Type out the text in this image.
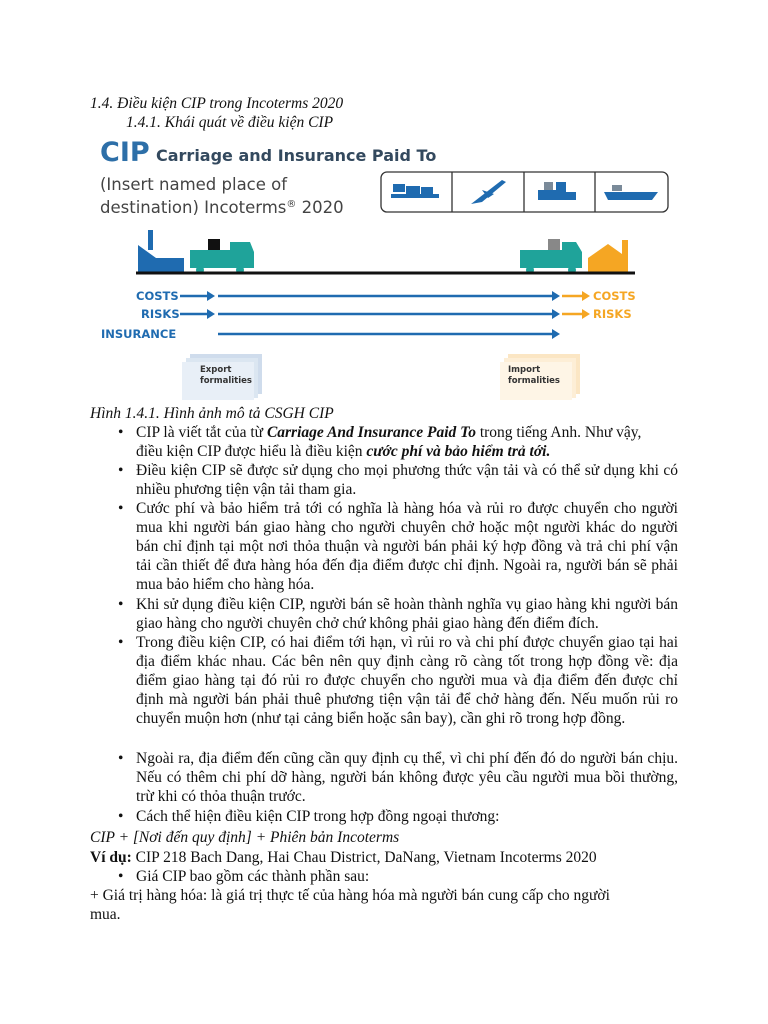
1.4. Điều kiện CIP trong Incoterms 2020
1.4.1. Khái quát về điều kiện CIP
CIP Carriage and Insurance Paid To
(Insert named place of
destination) Incoterms® 2020
COSTS	COSTS
RISKS	RISKS
INSURANCE
Export
formalities
Import
formalities
Hình 1.4.1. Hình ảnh mô tả CSGH CIP
• CIP là viết tắt của từ Carriage And Insurance Paid To trong tiếng Anh. Như vậy,
điều kiện CIP được hiểu là điều kiện cước phí và bảo hiểm trả tới.
• Điều kiện CIP sẽ được sử dụng cho mọi phương thức vận tải và có thể sử dụng khi có nhiều phương tiện vận tải tham gia.
• Cước phí và bảo hiểm trả tới có nghĩa là hàng hóa và rủi ro được chuyển cho người mua khi người bán giao hàng cho người chuyên chở hoặc một người khác do người bán chỉ định tại một nơi thỏa thuận và người bán phải ký hợp đồng và trả chi phí vận tải cần thiết để đưa hàng hóa đến địa điểm được chỉ định. Ngoài ra, người bán sẽ phải mua bảo hiểm cho hàng hóa.
• Khi sử dụng điều kiện CIP, người bán sẽ hoàn thành nghĩa vụ giao hàng khi người bán giao hàng cho người chuyên chở chứ không phải giao hàng đến điểm đích.
• Trong điều kiện CIP, có hai điểm tới hạn, vì rủi ro và chi phí được chuyển giao tại hai địa điểm khác nhau. Các bên nên quy định càng rõ càng tốt trong hợp đồng về: địa điểm giao hàng tại đó rủi ro được chuyển cho người mua và địa điểm đến được chỉ định mà người bán phải thuê phương tiện vận tải để chở hàng đến. Nếu muốn rủi ro chuyển muộn hơn (như tại cảng biển hoặc sân bay), cần ghi rõ trong hợp đồng.
• Ngoài ra, địa điểm đến cũng cần quy định cụ thể, vì chi phí đến đó do người bán chịu. Nếu có thêm chi phí dỡ hàng, người bán không được yêu cầu người mua bồi thường, trừ khi có thỏa thuận trước.
• Cách thể hiện điều kiện CIP trong hợp đồng ngoại thương:
CIP + [Nơi đến quy định] + Phiên bản Incoterms
Ví dụ: CIP 218 Bach Dang, Hai Chau District, DaNang, Vietnam Incoterms 2020
• Giá CIP bao gồm các thành phần sau:
+ Giá trị hàng hóa: là giá trị thực tế của hàng hóa mà người bán cung cấp cho người
mua.
